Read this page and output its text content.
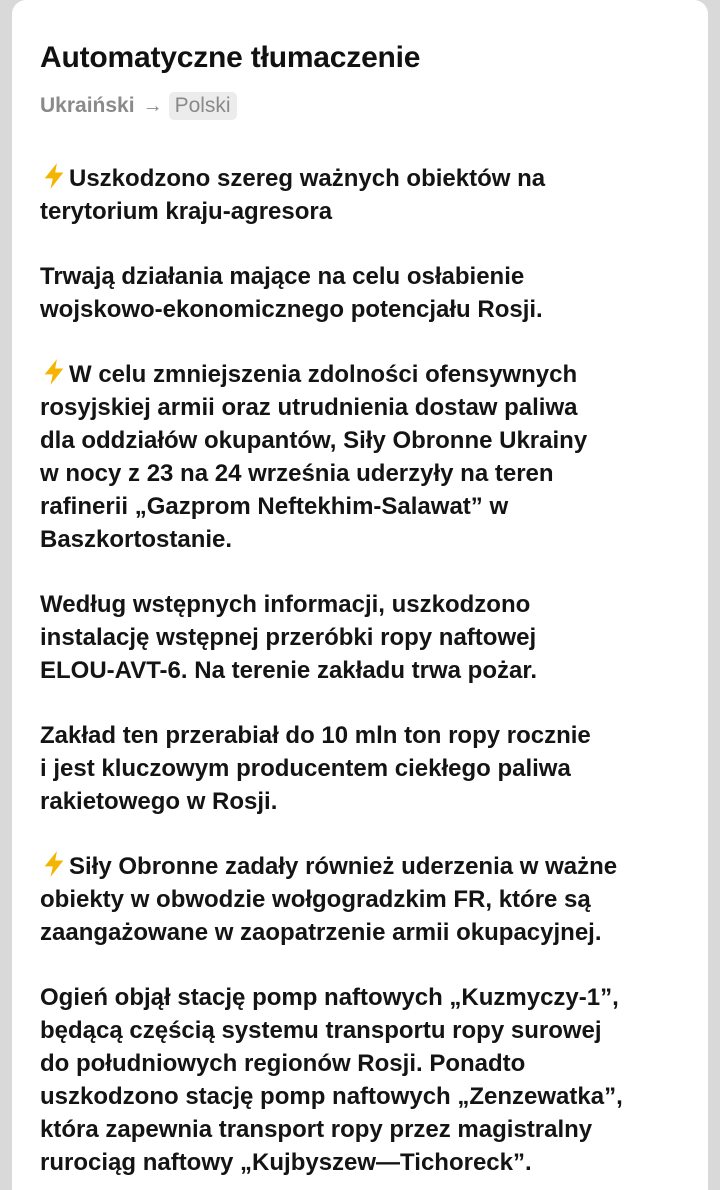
Automatyczne tłumaczenie
Ukraiński → Polski
Uszkodzono szereg ważnych obiektów na
terytorium kraju-agresora
Trwają działania mające na celu osłabienie
wojskowo-ekonomicznego potencjału Rosji.
W celu zmniejszenia zdolności ofensywnych
rosyjskiej armii oraz utrudnienia dostaw paliwa
dla oddziałów okupantów, Siły Obronne Ukrainy
w nocy z 23 na 24 września uderzyły na teren
rafinerii „Gazprom Neftekhim-Salawat” w
Baszkortostanie.
Według wstępnych informacji, uszkodzono
instalację wstępnej przeróbki ropy naftowej
ELOU-AVT-6. Na terenie zakładu trwa pożar.
Zakład ten przerabiał do 10 mln ton ropy rocznie
i jest kluczowym producentem ciekłego paliwa
rakietowego w Rosji.
Siły Obronne zadały również uderzenia w ważne
obiekty w obwodzie wołgogradzkim FR, które są
zaangażowane w zaopatrzenie armii okupacyjnej.
Ogień objął stację pomp naftowych „Kuzmyczy-1”,
będącą częścią systemu transportu ropy surowej
do południowych regionów Rosji. Ponadto
uszkodzono stację pomp naftowych „Zenzewatka”,
która zapewnia transport ropy przez magistralny
rurociąg naftowy „Kujbyszew—Tichoreck”.
